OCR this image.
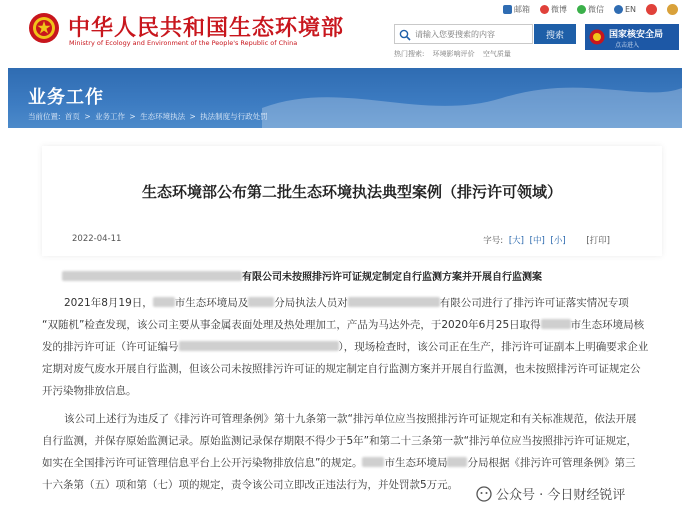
中华人民共和国生态环境部
Ministry of Ecology and Environment of the People's Republic of China
邮箱	微博	微信	EN
请输入您要搜索的内容
搜索
热门搜索: 环境影响评价 空气质量
国家核安全局
点击进入
业务工作
当前位置: 首页 > 业务工作 > 生态环境执法 > 执法制度与行政处罚
生态环境部公布第二批生态环境执法典型案例（排污许可领域）
2022-04-11	字号: [大] [中] [小] [打印]
有限公司未按照排污许可证规定制定自行监测方案并开展自行监测案
2021年8月19日， 市生态环境局及 分局执法人员对	有限公司进行了排污许可证落实情况专项
“双随机”检查发现，该公司主要从事金属表面处理及热处理加工，产品为马达外壳，于2020年6月25日取得	市生态环境局核
发的排污许可证（许可证编号	），现场检查时，该公司正在生产，排污许可证副本上明确要求企业
定期对废气废水开展自行监测，但该公司未按照排污许可证的规定制定自行监测方案并开展自行监测，也未按照排污许可证规定公
开污染物排放信息。
该公司上述行为违反了《排污许可管理条例》第十九条第一款“排污单位应当按照排污许可证规定和有关标准规范，依法开展
自行监测，并保存原始监测记录。原始监测记录保存期限不得少于5年”和第二十三条第一款“排污单位应当按照排污许可证规定，
如实在全国排污许可证管理信息平台上公开污染物排放信息”的规定。 市生态环境局 分局根据《排污许可管理条例》第三
十六条第（五）项和第（七）项的规定，责令该公司立即改正违法行为，并处罚款5万元。
公众号 · 今日财经锐评
